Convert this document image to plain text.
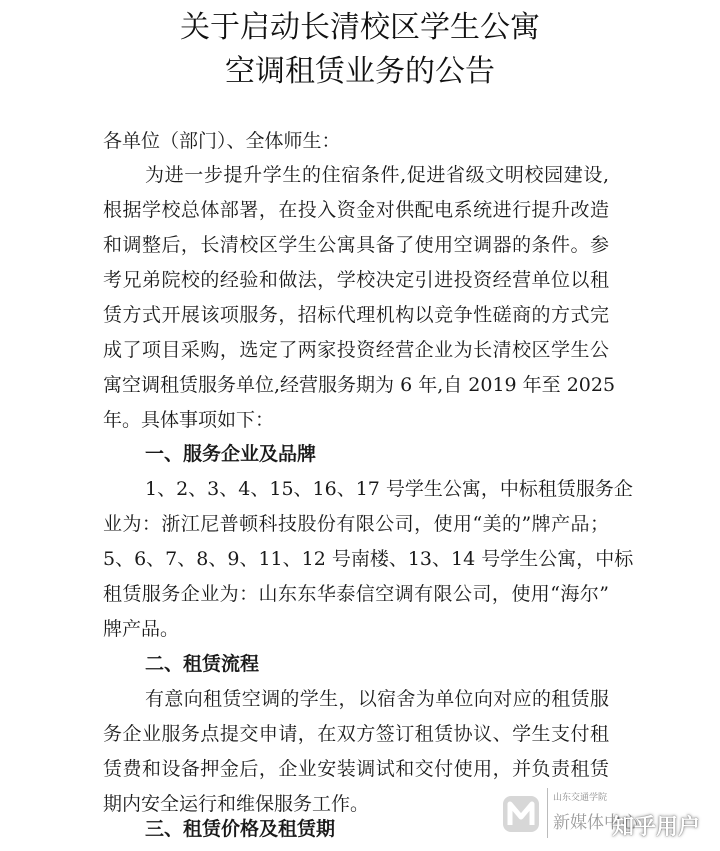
关于启动长清校区学生公寓
空调租赁业务的公告
各单位（部门）、全体师生：
为进一步提升学生的住宿条件,促进省级文明校园建设,
根据学校总体部署，在投入资金对供配电系统进行提升改造
和调整后，长清校区学生公寓具备了使用空调器的条件。参
考兄弟院校的经验和做法，学校决定引进投资经营单位以租
赁方式开展该项服务，招标代理机构以竞争性磋商的方式完
成了项目采购，选定了两家投资经营企业为长清校区学生公
寓空调租赁服务单位,经营服务期为 6 年,自 2019 年至 2025
年。具体事项如下：
一、服务企业及品牌
1、2、3、4、15、16、17 号学生公寓，中标租赁服务企
业为：浙江尼普顿科技股份有限公司，使用“美的”牌产品；
5、6、7、8、9、11、12 号南楼、13、14 号学生公寓，中标
租赁服务企业为：山东东华泰信空调有限公司，使用“海尔”
牌产品。
二、租赁流程
有意向租赁空调的学生，以宿舍为单位向对应的租赁服
务企业服务点提交申请，在双方签订租赁协议、学生支付租
赁费和设备押金后，企业安装调试和交付使用，并负责租赁
期内安全运行和维保服务工作。
三、租赁价格及租赁期
山东交通学院
新媒体中心
知乎用户
